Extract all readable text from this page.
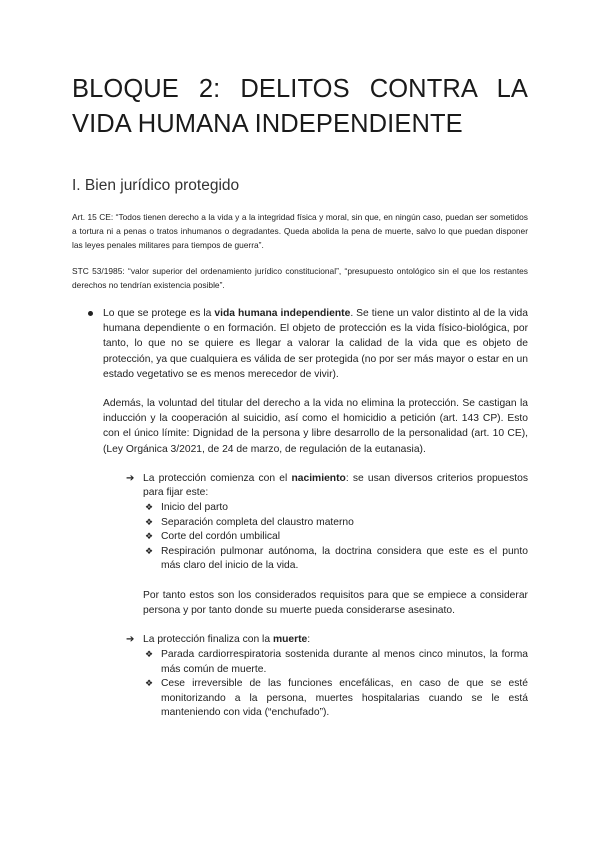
BLOQUE 2: DELITOS CONTRA LA VIDA HUMANA INDEPENDIENTE
I. Bien jurídico protegido

Art. 15 CE: “Todos tienen derecho a la vida y a la integridad física y moral, sin que, en ningún caso, puedan ser sometidos a tortura ni a penas o tratos inhumanos o degradantes. Queda abolida la pena de muerte, salvo lo que puedan disponer las leyes penales militares para tiempos de guerra”.

STC 53/1985: “valor superior del ordenamiento jurídico constitucional”, “presupuesto ontológico sin el que los restantes derechos no tendrían existencia posible”.

Lo que se protege es la vida humana independiente. Se tiene un valor distinto al de la vida humana dependiente o en formación. El objeto de protección es la vida físico-biológica, por tanto, lo que no se quiere es llegar a valorar la calidad de la vida que es objeto de protección, ya que cualquiera es válida de ser protegida (no por ser más mayor o estar en un estado vegetativo se es menos merecedor de vivir).

Además, la voluntad del titular del derecho a la vida no elimina la protección. Se castigan la inducción y la cooperación al suicidio, así como el homicidio a petición (art. 143 CP). Esto con el único límite: Dignidad de la persona y libre desarrollo de la personalidad (art. 10 CE), (Ley Orgánica 3/2021, de 24 de marzo, de regulación de la eutanasia).

➔ La protección comienza con el nacimiento: se usan diversos criterios propuestos para fijar este:

❖ Inicio del parto
❖ Separación completa del claustro materno
❖ Corte del cordón umbilical
❖ Respiración pulmonar autónoma, la doctrina considera que este es el punto más claro del inicio de la vida.

Por tanto estos son los considerados requisitos para que se empiece a considerar persona y por tanto donde su muerte pueda considerarse asesinato.

➔ La protección finaliza con la muerte:

❖ Parada cardiorrespiratoria sostenida durante al menos cinco minutos, la forma más común de muerte.
❖ Cese irreversible de las funciones encefálicas, en caso de que se esté monitorizando a la persona, muertes hospitalarias cuando se le está manteniendo con vida (“enchufado”).
